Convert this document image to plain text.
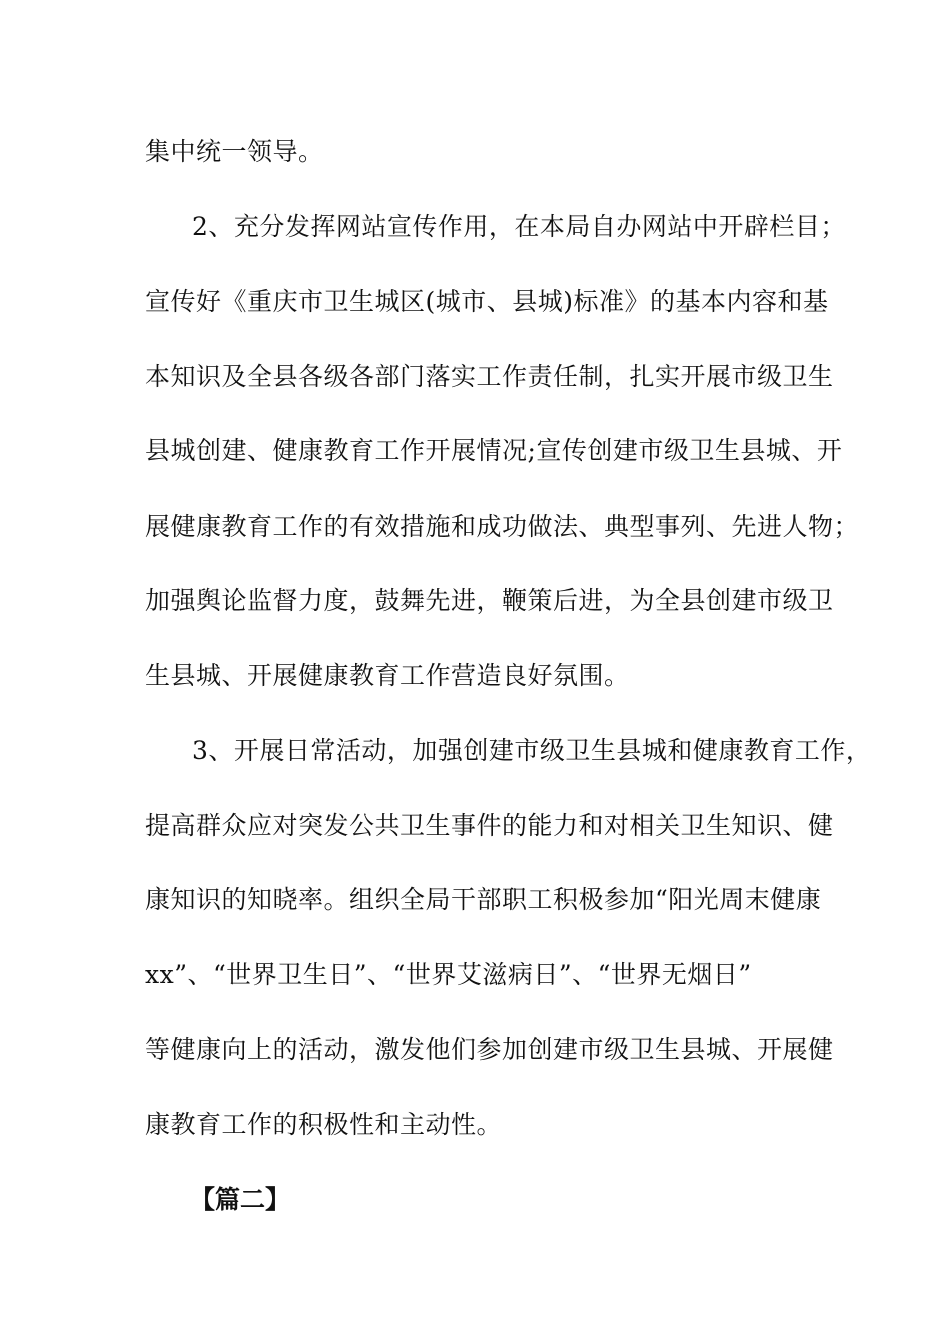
集中统一领导。
2、充分发挥网站宣传作用，在本局自办网站中开辟栏目；
宣传好《重庆市卫生城区(城市、县城)标准》的基本内容和基
本知识及全县各级各部门落实工作责任制，扎实开展市级卫生
县城创建、健康教育工作开展情况;宣传创建市级卫生县城、开
展健康教育工作的有效措施和成功做法、典型事列、先进人物；
加强舆论监督力度，鼓舞先进，鞭策后进，为全县创建市级卫
生县城、开展健康教育工作营造良好氛围。
3、开展日常活动，加强创建市级卫生县城和健康教育工作，
提高群众应对突发公共卫生事件的能力和对相关卫生知识、健
康知识的知晓率。组织全局干部职工积极参加“阳光周末健康
xx”、“世界卫生日”、“世界艾滋病日”、“世界无烟日”
等健康向上的活动，激发他们参加创建市级卫生县城、开展健
康教育工作的积极性和主动性。
【篇二】
